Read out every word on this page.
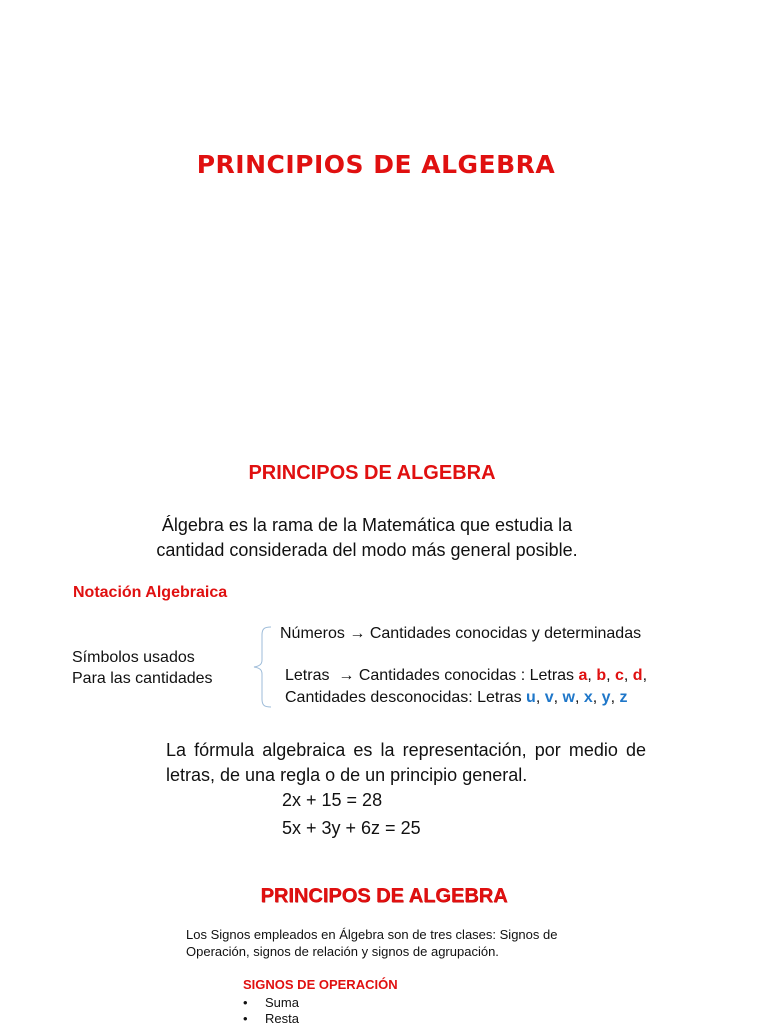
PRINCIPIOS DE ALGEBRA
PRINCIPOS DE ALGEBRA
Álgebra es la rama de la Matemática que estudia la
cantidad considerada del modo más general posible.
Notación Algebraica
Símbolos usados
Para las cantidades
Números → Cantidades conocidas y determinadas
Letras → Cantidades conocidas : Letras a, b, c, d,
Cantidades desconocidas: Letras u, v, w, x, y, z
La fórmula algebraica es la representación, por medio de letras, de una regla o de un principio general.
2x + 15 = 28
5x + 3y + 6z = 25
PRINCIPOS DE ALGEBRA
Los Signos empleados en Álgebra son de tres clases: Signos de Operación, signos de relación y signos de agrupación.
SIGNOS DE OPERACIÓN
• Suma
• Resta
